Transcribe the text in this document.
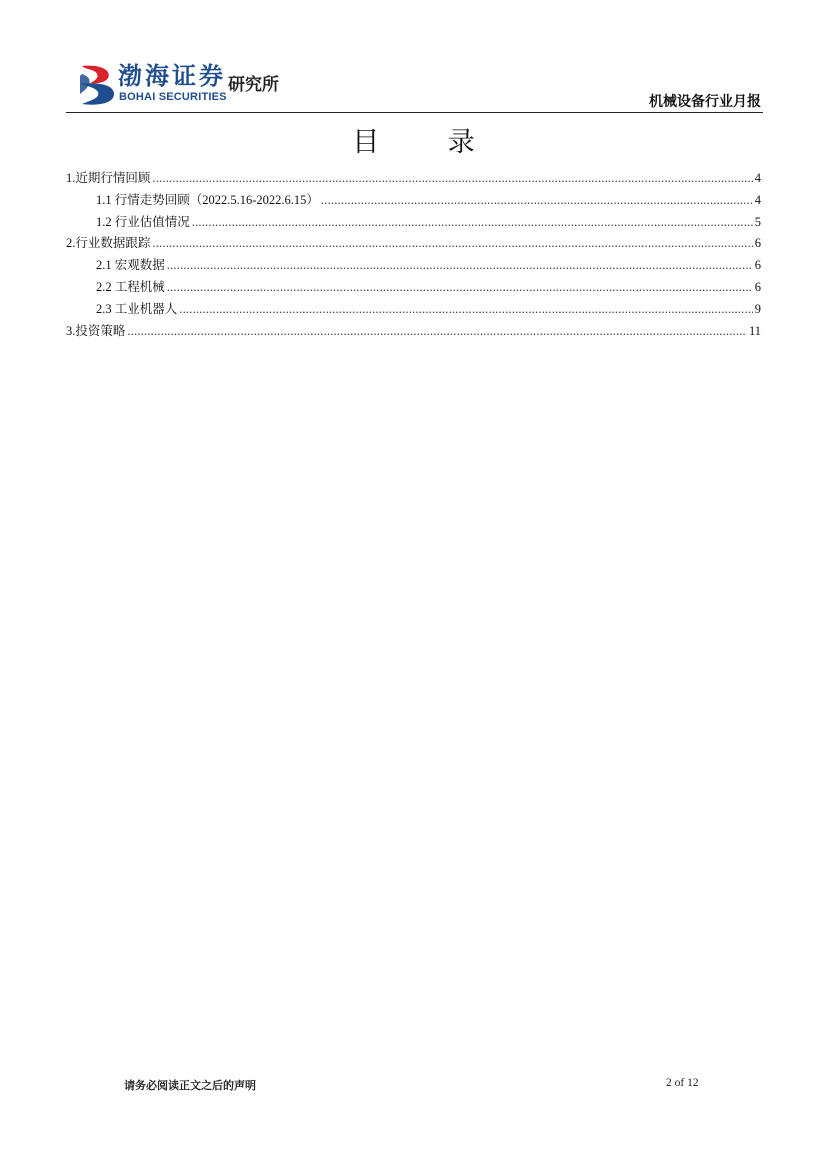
渤海证券
BOHAI SECURITIES
研究所
机械设备行业月报
目 录
1.近期行情回顾 .....	4
1.1 行情走势回顾（2022.5.16-2022.6.15） .....	4
1.2 行业估值情况 .....	5
2.行业数据跟踪 .....	6
2.1 宏观数据 .....	6
2.2 工程机械 .....	6
2.3 工业机器人 .....	9
3.投资策略 .....	11
请务必阅读正文之后的声明	2 of 12
